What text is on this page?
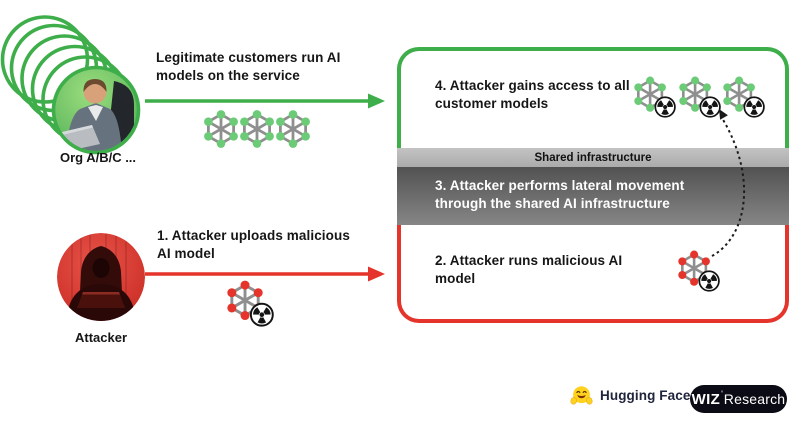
Org A/B/C ...
Legitimate customers run AI
models on the service
Attacker
1. Attacker uploads malicious
AI model
4. Attacker gains access to all
customer models
Shared infrastructure
3. Attacker performs lateral movement
through the shared AI infrastructure
2. Attacker runs malicious AI
model
Hugging Face WIZ ' Research
